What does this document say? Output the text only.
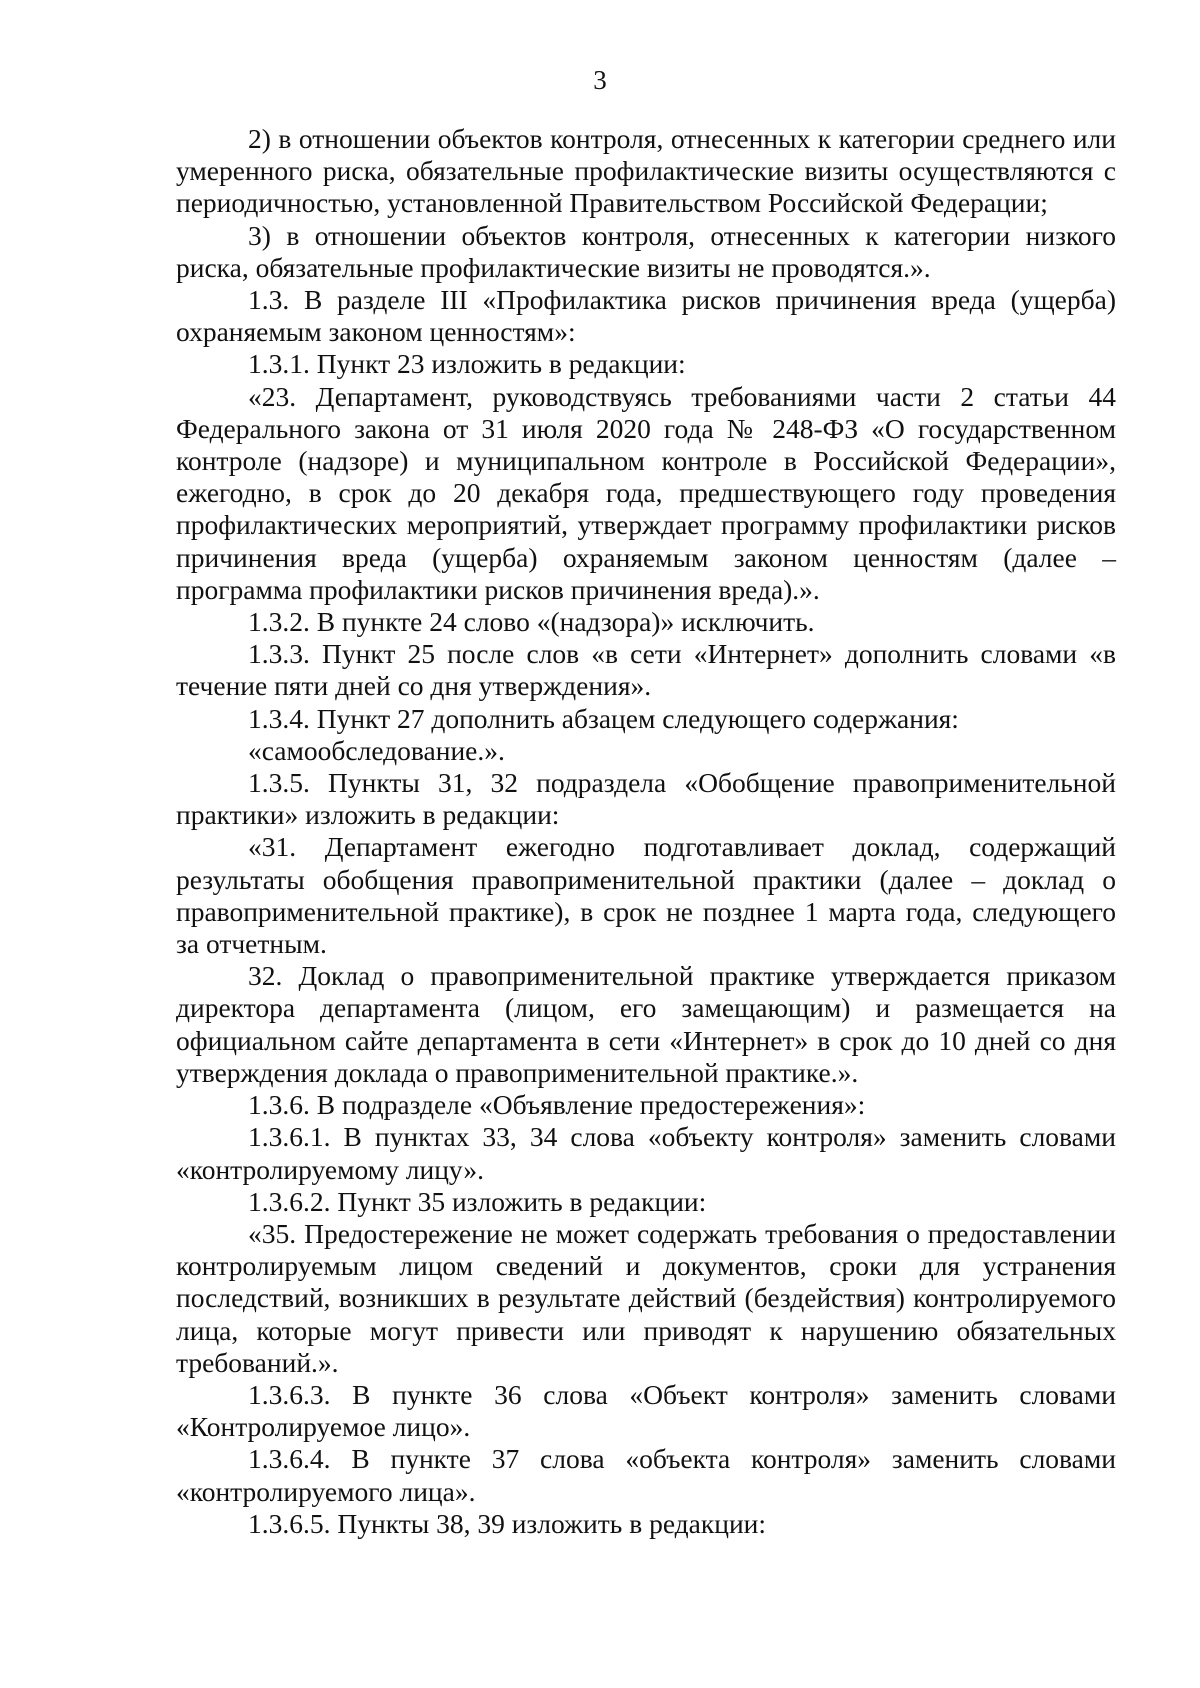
3

2) в отношении объектов контроля, отнесенных к категории среднего или умеренного риска, обязательные профилактические визиты осуществляются с периодичностью, установленной Правительством Российской Федерации;

3) в отношении объектов контроля, отнесенных к категории низкого риска, обязательные профилактические визиты не проводятся.».

1.3. В разделе III «Профилактика рисков причинения вреда (ущерба) охраняемым законом ценностям»:

1.3.1. Пункт 23 изложить в редакции:

«23. Департамент, руководствуясь требованиями части 2 статьи 44 Федерального закона от 31 июля 2020 года № 248-ФЗ «О государственном контроле (надзоре) и муниципальном контроле в Российской Федерации», ежегодно, в срок до 20 декабря года, предшествующего году проведения профилактических мероприятий, утверждает программу профилактики рисков причинения вреда (ущерба) охраняемым законом ценностям (далее – программа профилактики рисков причинения вреда).».

1.3.2. В пункте 24 слово «(надзора)» исключить.

1.3.3. Пункт 25 после слов «в сети «Интернет» дополнить словами «в течение пяти дней со дня утверждения».

1.3.4. Пункт 27 дополнить абзацем следующего содержания:

«самообследование.».

1.3.5. Пункты 31, 32 подраздела «Обобщение правоприменительной практики» изложить в редакции:

«31. Департамент ежегодно подготавливает доклад, содержащий результаты обобщения правоприменительной практики (далее – доклад о правоприменительной практике), в срок не позднее 1 марта года, следующего за отчетным.

32. Доклад о правоприменительной практике утверждается приказом директора департамента (лицом, его замещающим) и размещается на официальном сайте департамента в сети «Интернет» в срок до 10 дней со дня утверждения доклада о правоприменительной практике.».

1.3.6. В подразделе «Объявление предостережения»:

1.3.6.1. В пунктах 33, 34 слова «объекту контроля» заменить словами «контролируемому лицу».

1.3.6.2. Пункт 35 изложить в редакции:

«35. Предостережение не может содержать требования о предоставлении контролируемым лицом сведений и документов, сроки для устранения последствий, возникших в результате действий (бездействия) контролируемого лица, которые могут привести или приводят к нарушению обязательных требований.».

1.3.6.3. В пункте 36 слова «Объект контроля» заменить словами «Контролируемое лицо».

1.3.6.4. В пункте 37 слова «объекта контроля» заменить словами «контролируемого лица».

1.3.6.5. Пункты 38, 39 изложить в редакции:
